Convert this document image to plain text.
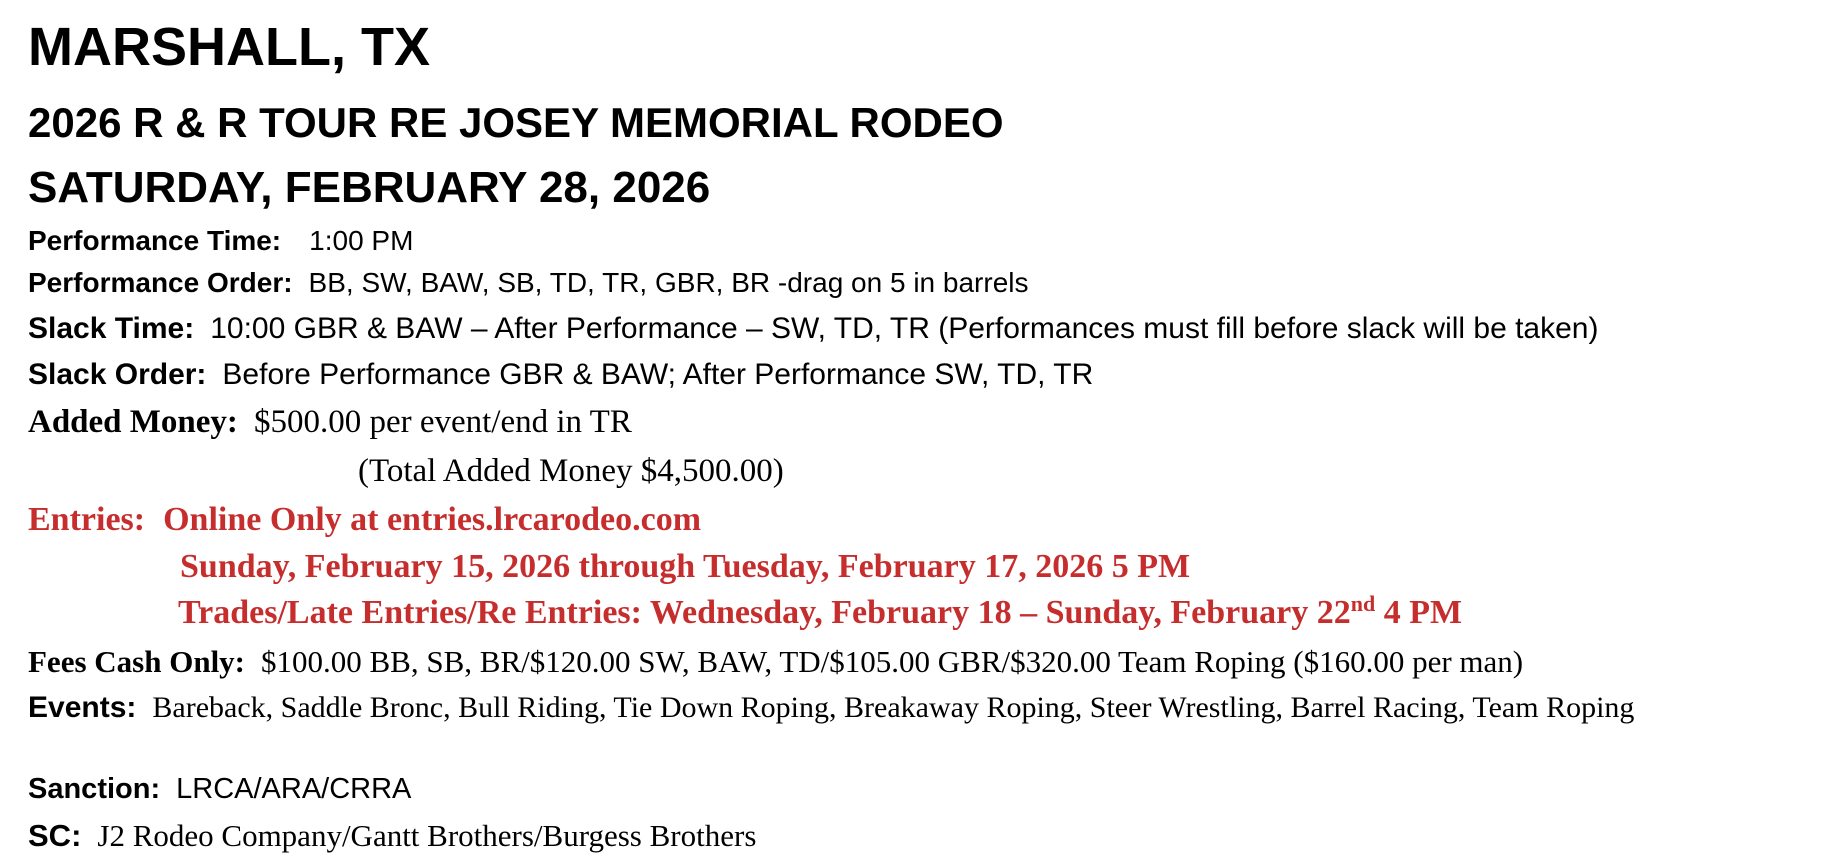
MARSHALL, TX
2026 R & R TOUR RE JOSEY MEMORIAL RODEO
SATURDAY, FEBRUARY 28, 2026
Performance Time: 1:00 PM
Performance Order: BB, SW, BAW, SB, TD, TR, GBR, BR -drag on 5 in barrels
Slack Time: 10:00 GBR & BAW – After Performance – SW, TD, TR (Performances must fill before slack will be taken)
Slack Order: Before Performance GBR & BAW; After Performance SW, TD, TR
Added Money: $500.00 per event/end in TR
(Total Added Money $4,500.00)
Entries: Online Only at entries.lrcarodeo.com
Sunday, February 15, 2026 through Tuesday, February 17, 2026 5 PM
Trades/Late Entries/Re Entries: Wednesday, February 18 – Sunday, February 22nd 4 PM
Fees Cash Only: $100.00 BB, SB, BR/$120.00 SW, BAW, TD/$105.00 GBR/$320.00 Team Roping ($160.00 per man)
Events: Bareback, Saddle Bronc, Bull Riding, Tie Down Roping, Breakaway Roping, Steer Wrestling, Barrel Racing, Team Roping
Sanction: LRCA/ARA/CRRA
SC: J2 Rodeo Company/Gantt Brothers/Burgess Brothers
